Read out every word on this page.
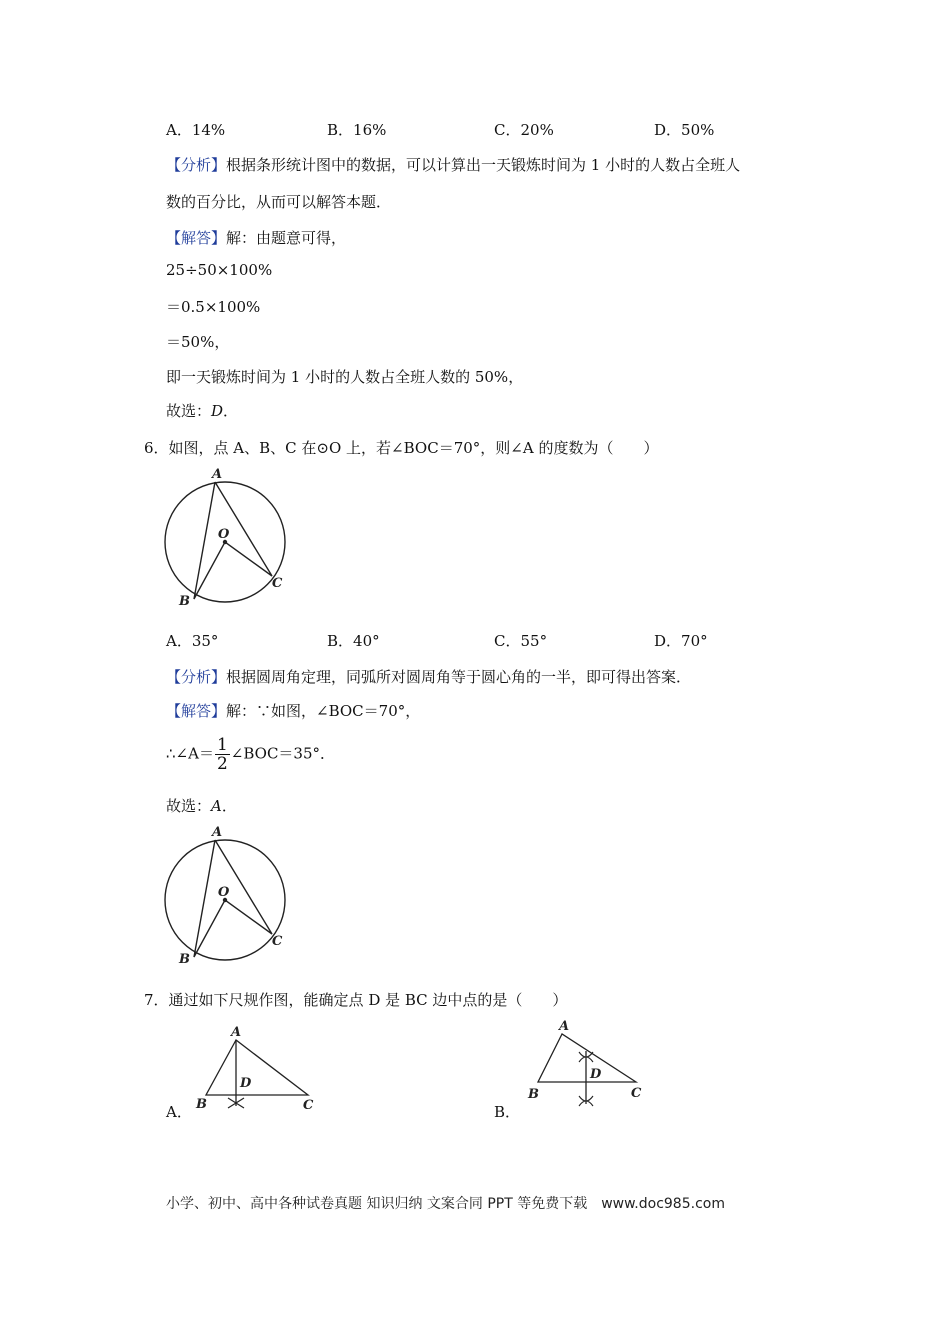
A．14%	B．16%	C．20%	D．50%
【分析】根据条形统计图中的数据，可以计算出一天锻炼时间为 1 小时的人数占全班人
数的百分比，从而可以解答本题．
【解答】解：由题意可得，
25÷50×100%
＝0.5×100%
＝50%，
即一天锻炼时间为 1 小时的人数占全班人数的 50%，
故选：D．
6．如图，点 A、B、C 在⊙O 上，若∠BOC＝70°，则∠A 的度数为（　　）
A
O
C
B
A．35°	B．40°	C．55°	D．70°
【分析】根据圆周角定理，同弧所对圆周角等于圆心角的一半，即可得出答案．
【解答】解：∵如图，∠BOC＝70°，
∴∠A＝ $\frac{1}{2}$ ∠BOC＝35°．
故选：A．
A
O
C
B
7．通过如下尺规作图，能确定点 D 是 BC 边中点的是（　　）
A．
A
D
B	C	B．
A
D
B	C
小学、初中、高中各种试卷真题 知识归纳 文案合同 PPT 等免费下载　www.doc985.com
